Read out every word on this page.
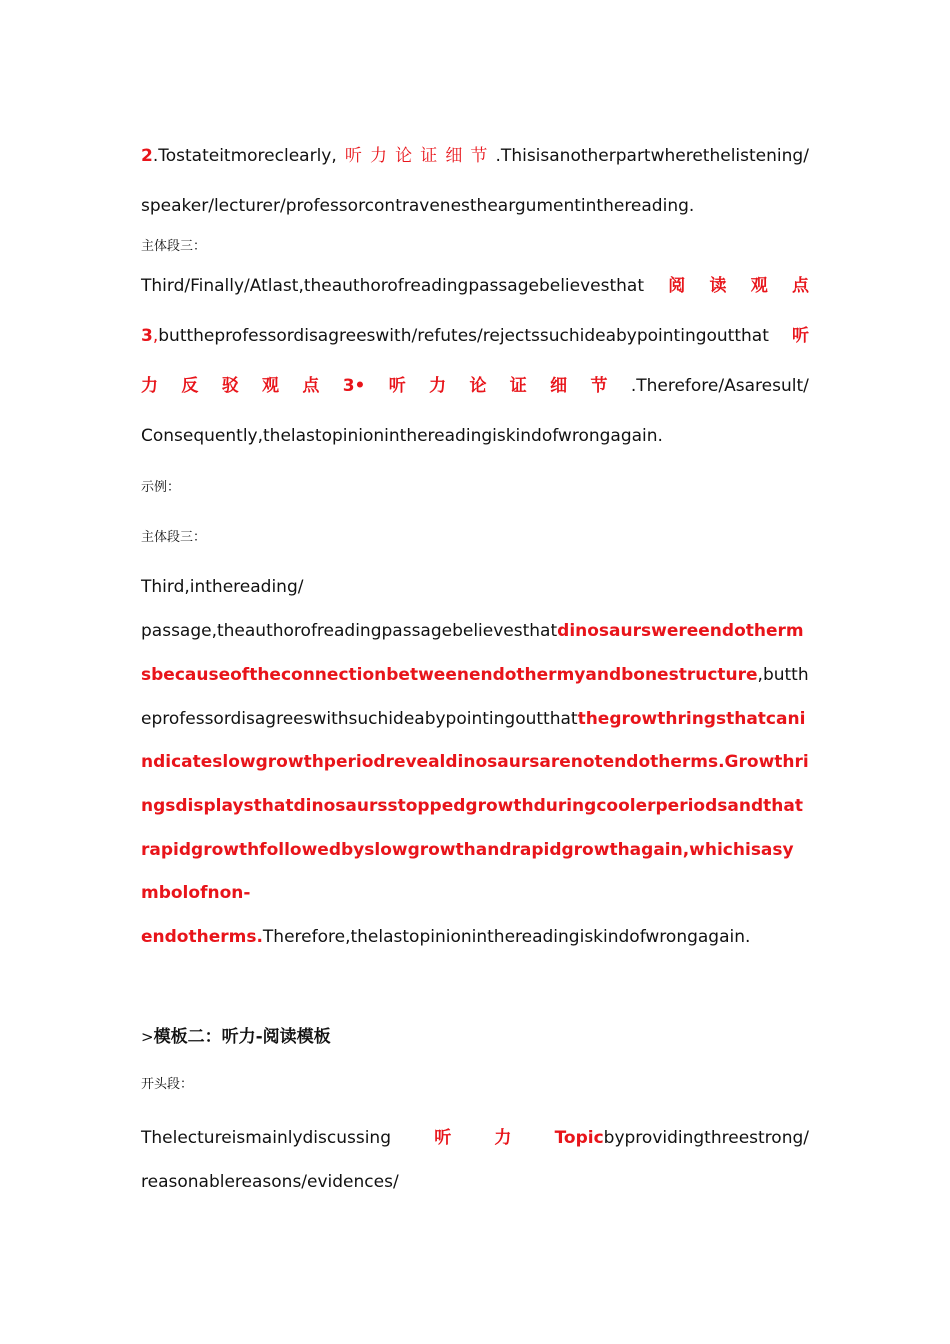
2.Tostateitmoreclearly, 听 力 论 证 细 节 .Thisisanotherpartwherethelistening/
speaker/lecturer/professorcontravenestheargumentinthereading.
主体段三：
Third/Finally/Atlast,theauthorofreadingpassagebelievesthat 阅 读 观 点
3,buttheprofessordisagreeswith/refutes/rejectssuchideabypointingoutthat 听
力 反 驳 观 点 3• 听 力 论 证 细 节 .Therefore/Asaresult/
Consequently,thelastopinioninthereadingiskindofwrongagain.
示例：
主体段三：
Third,inthereading/
passage,theauthorofreadingpassagebelievesthatdinosaurswereendotherm
sbecauseoftheconnectionbetweenendothermyandbonestructure,butth
eprofessordisagreeswithsuchideabypointingoutthatthegrowthringsthatcani
ndicateslowgrowthperiodrevealdinosaursarenotendotherms.Growthri
ngsdisplaysthatdinosaursstoppedgrowthduringcoolerperiodsandthat
rapidgrowthfollowedbyslowgrowthandrapidgrowthagain,whichisasy
mbolofnon-
endotherms.Therefore,thelastopinioninthereadingiskindofwrongagain.
>模板二：听力-阅读模板
开头段：
Thelectureismainlydiscussing	听	力	Topicbyprovidingthreestrong/
reasonablereasons/evidences/
